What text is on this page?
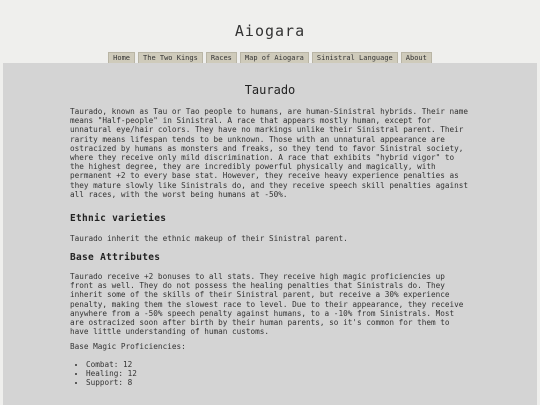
Aiogara
Home	The Two Kings	Races	Map of Aiogara	Sinistral Language	About
Taurado

Taurado, known as Tau or Tao people to humans, are human-Sinistral hybrids. Their name means "Half-people" in Sinistral. A race that appears mostly human, except for unnatural eye/hair colors. They have no markings unlike their Sinistral parent. Their rarity means lifespan tends to be unknown. Those with an unnatural appearance are ostracized by humans as monsters and freaks, so they tend to favor Sinistral society, where they receive only mild discrimination. A race that exhibits "hybrid vigor" to the highest degree, they are incredibly powerful physically and magically, with permanent +2 to every base stat. However, they receive heavy experience penalties as they mature slowly like Sinistrals do, and they receive speech skill penalties against all races, with the worst being humans at -50%.

Ethnic varieties

Taurado inherit the ethnic makeup of their Sinistral parent.

Base Attributes

Taurado receive +2 bonuses to all stats. They receive high magic proficiencies up front as well. They do not possess the healing penalties that Sinistrals do. They inherit some of the skills of their Sinistral parent, but receive a 30% experience penalty, making them the slowest race to level. Due to their appearance, they receive anywhere from a -50% speech penalty against humans, to a -10% from Sinistrals. Most are ostracized soon after birth by their human parents, so it's common for them to have little understanding of human customs.

Base Magic Proficiencies:

• Combat: 12
• Healing: 12
• Support: 8
